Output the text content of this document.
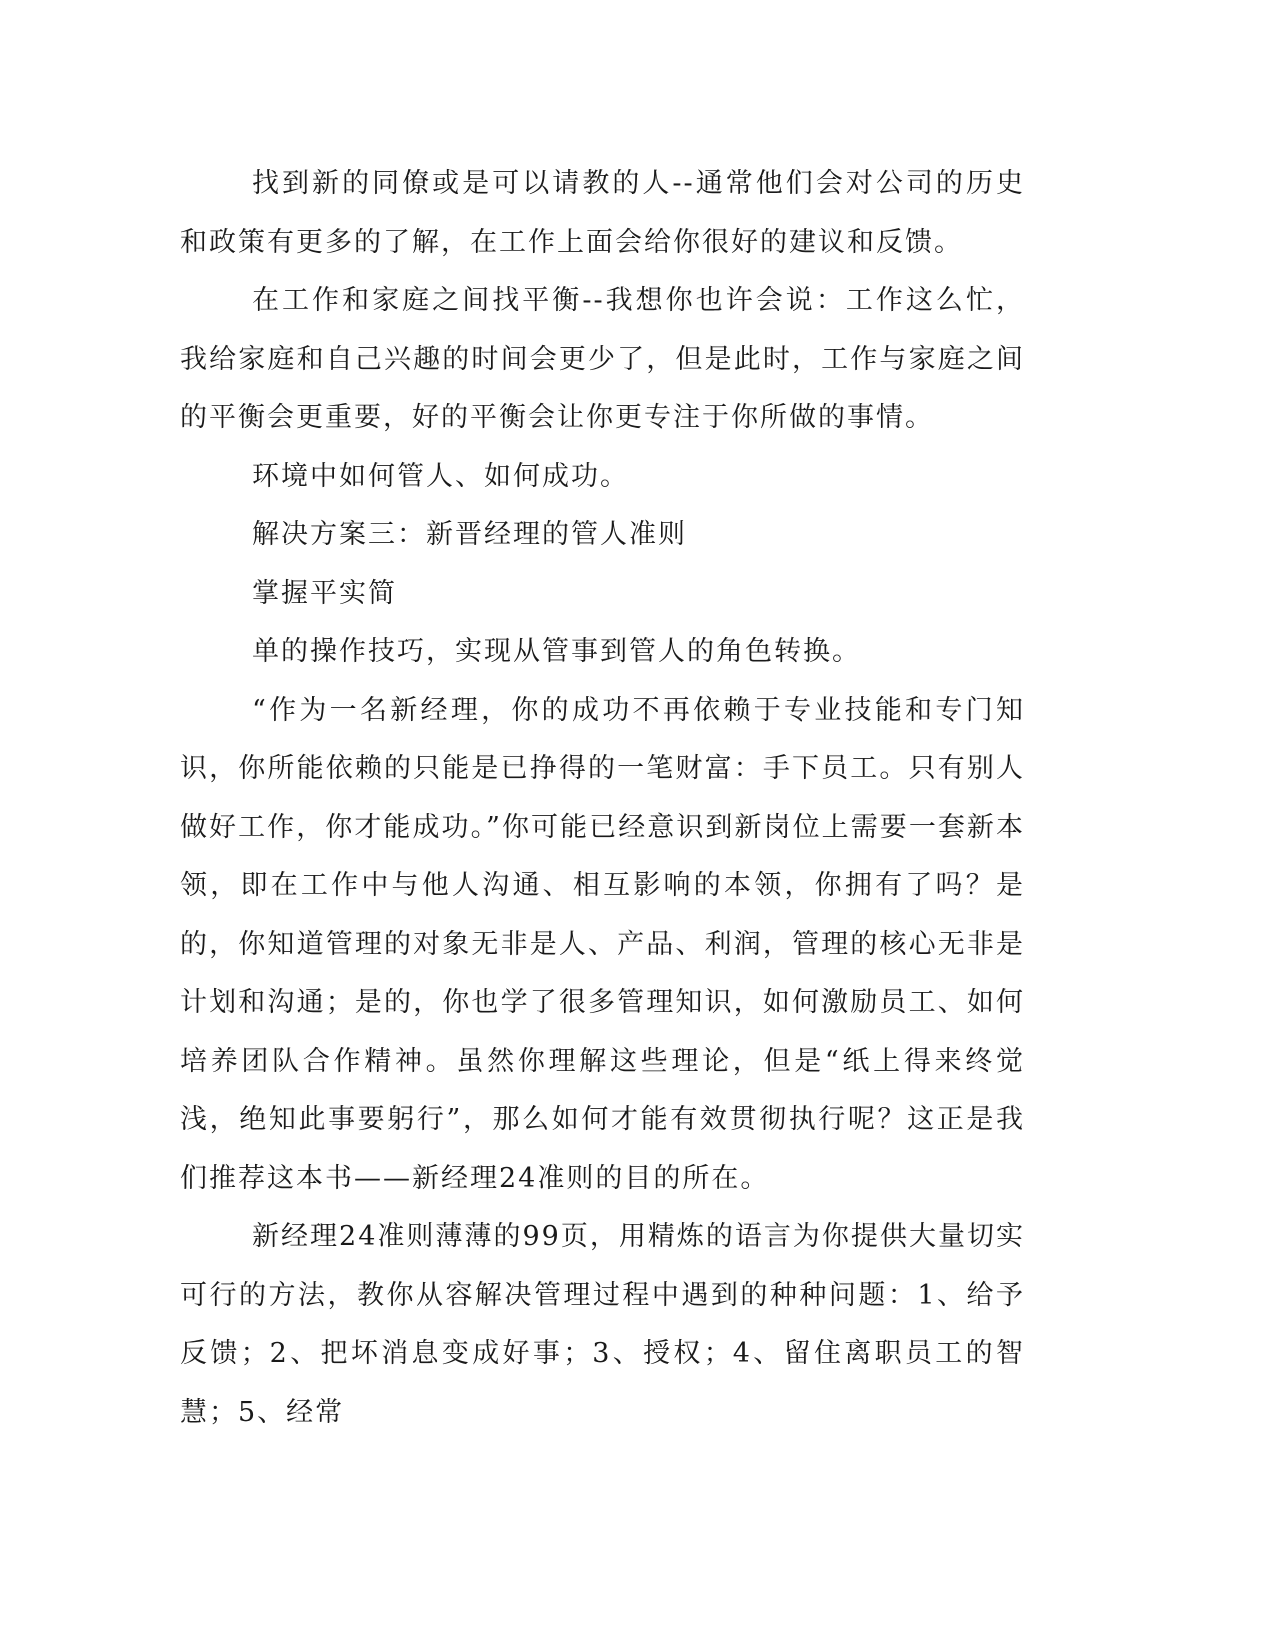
找到新的同僚或是可以请教的人--通常他们会对公司的历史和政策有更多的了解，在工作上面会给你很好的建议和反馈。

在工作和家庭之间找平衡--我想你也许会说：工作这么忙，我给家庭和自己兴趣的时间会更少了，但是此时，工作与家庭之间的平衡会更重要，好的平衡会让你更专注于你所做的事情。

环境中如何管人、如何成功。

解决方案三：新晋经理的管人准则

掌握平实简

单的操作技巧，实现从管事到管人的角色转换。

“作为一名新经理，你的成功不再依赖于专业技能和专门知识，你所能依赖的只能是已挣得的一笔财富：手下员工。只有别人做好工作，你才能成功。”你可能已经意识到新岗位上需要一套新本领，即在工作中与他人沟通、相互影响的本领，你拥有了吗？是的，你知道管理的对象无非是人、产品、利润，管理的核心无非是计划和沟通；是的，你也学了很多管理知识，如何激励员工、如何培养团队合作精神。虽然你理解这些理论，但是“纸上得来终觉浅，绝知此事要躬行”，那么如何才能有效贯彻执行呢？这正是我们推荐这本书——新经理24准则的目的所在。

新经理24准则薄薄的99页，用精炼的语言为你提供大量切实可行的方法，教你从容解决管理过程中遇到的种种问题：1、给予反馈；2、把坏消息变成好事；3、授权；4、留住离职员工的智慧；5、经常
